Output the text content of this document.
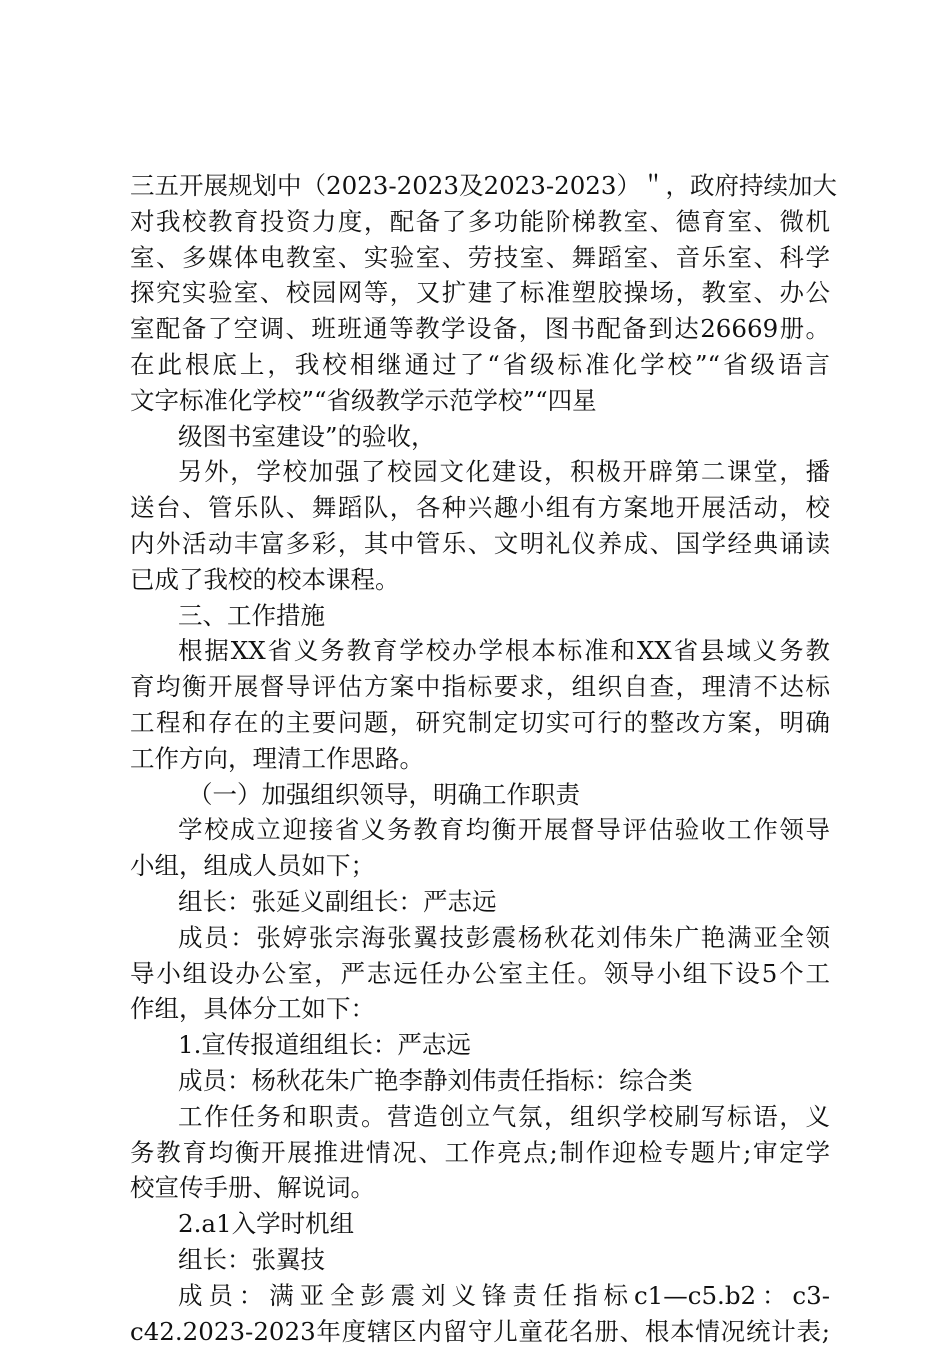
三五开展规划中（2023-2023及2023-2023）＂，政府持续加大
对我校教育投资力度，配备了多功能阶梯教室、德育室、微机
室、多媒体电教室、实验室、劳技室、舞蹈室、音乐室、科学
探究实验室、校园网等，又扩建了标准塑胶操场，教室、办公
室配备了空调、班班通等教学设备，图书配备到达26669册。
在此根底上，我校相继通过了“省级标准化学校”“省级语言
文字标准化学校”“省级教学示范学校”“四星
级图书室建设”的验收，
另外，学校加强了校园文化建设，积极开辟第二课堂，播
送台、管乐队、舞蹈队，各种兴趣小组有方案地开展活动，校
内外活动丰富多彩，其中管乐、文明礼仪养成、国学经典诵读
已成了我校的校本课程。
三、工作措施
根据XX省义务教育学校办学根本标准和XX省县域义务教
育均衡开展督导评估方案中指标要求，组织自查，理清不达标
工程和存在的主要问题，研究制定切实可行的整改方案，明确
工作方向，理清工作思路。
（一）加强组织领导，明确工作职责
学校成立迎接省义务教育均衡开展督导评估验收工作领导
小组，组成人员如下；
组长：张延义副组长：严志远
成员：张婷张宗海张翼技彭震杨秋花刘伟朱广艳满亚全领
导小组设办公室，严志远任办公室主任。领导小组下设5个工
作组，具体分工如下：
1.宣传报道组组长：严志远
成员：杨秋花朱广艳李静刘伟责任指标：综合类
工作任务和职责。营造创立气氛，组织学校刷写标语，义
务教育均衡开展推进情况、工作亮点;制作迎检专题片;审定学
校宣传手册、解说词。
2.a1入学时机组
组长：张翼技
成员：满亚全彭震刘义锋责任指标c1—c5.b2：c3-
c42.2023-2023年度辖区内留守儿童花名册、根本情况统计表;
